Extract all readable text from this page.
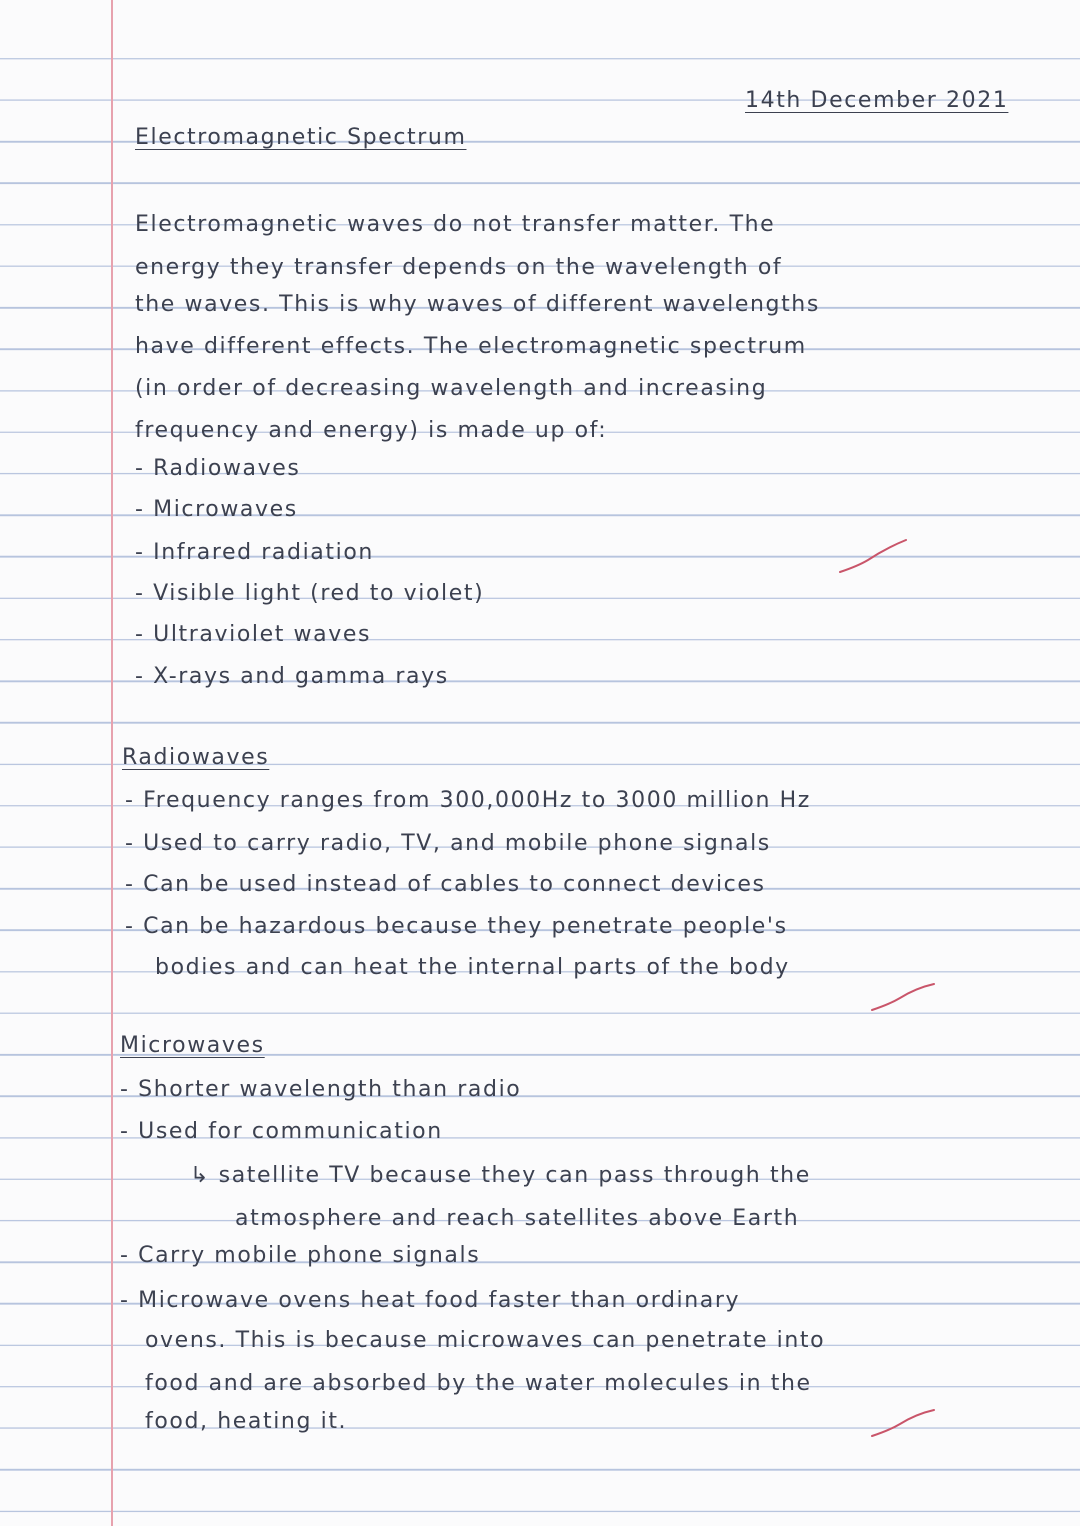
14th December 2021
Electromagnetic Spectrum
Electromagnetic waves do not transfer matter. The
energy they transfer depends on the wavelength of
the waves. This is why waves of different wavelengths
have different effects. The electromagnetic spectrum
(in order of decreasing wavelength and increasing
frequency and energy) is made up of:
- Radiowaves
- Microwaves
- Infrared radiation
- Visible light (red to violet)
- Ultraviolet waves
- X-rays and gamma rays
Radiowaves
- Frequency ranges from 300,000Hz to 3000 million Hz
- Used to carry radio, TV, and mobile phone signals
- Can be used instead of cables to connect devices
- Can be hazardous because they penetrate people's
bodies and can heat the internal parts of the body
Microwaves
- Shorter wavelength than radio
- Used for communication
↳ satellite TV because they can pass through the
atmosphere and reach satellites above Earth
- Carry mobile phone signals
- Microwave ovens heat food faster than ordinary
ovens. This is because microwaves can penetrate into
food and are absorbed by the water molecules in the
food, heating it.
